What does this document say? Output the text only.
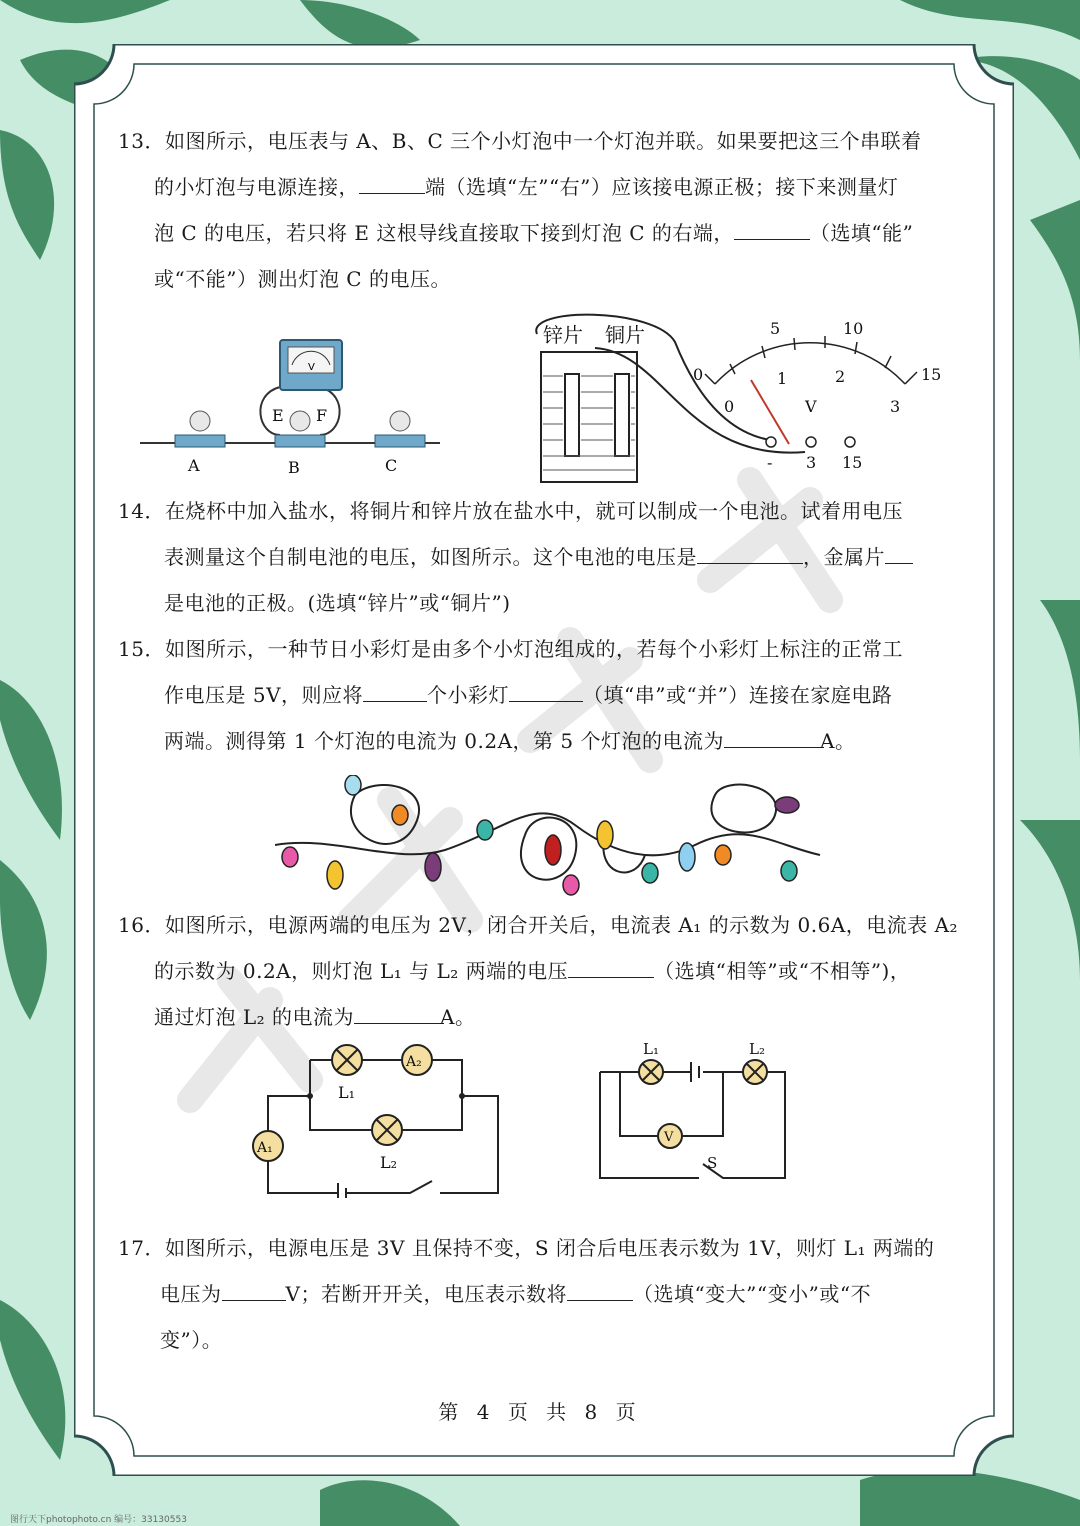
13．如图所示，电压表与 A、B、C 三个小灯泡中一个灯泡并联。如果要把这三个串联着

的小灯泡与电源连接，	端（选填“左”“右”）应该接电源正极；接下来测量灯

泡 C 的电压，若只将 E 这根导线直接取下接到灯泡 C 的右端，	（选填“能”

或“不能”）测出灯泡 C 的电压。

V
A	B	C
E F
锌片 铜片	5	10
15
0
0
1	2
3
V
- 3 15

14．在烧杯中加入盐水，将铜片和锌片放在盐水中，就可以制成一个电池。试着用电压

表测量这个自制电池的电压，如图所示。这个电池的电压是	，金属片

是电池的正极。(选填“锌片”或“铜片”)

15．如图所示，一种节日小彩灯是由多个小灯泡组成的，若每个小彩灯上标注的正常工

作电压是 5V，则应将	个小彩灯	（填“串”或“并”）连接在家庭电路

两端。测得第 1 个灯泡的电流为 0.2A，第 5 个灯泡的电流为	A。

16．如图所示，电源两端的电压为 2V，闭合开关后，电流表 A₁ 的示数为 0.6A，电流表 A₂

的示数为 0.2A，则灯泡 L₁ 与 L₂ 两端的电压	（选填“相等”或“不相等”)，

通过灯泡 L₂ 的电流为	A。

L₁
L₂
A₂
A₁
L₁	L₂
V
S

17．如图所示，电源电压是 3V 且保持不变，S 闭合后电压表示数为 1V，则灯 L₁ 两端的

电压为	V；若断开开关，电压表示数将	（选填“变大”“变小”或“不

变”）。

第 4 页 共 8 页
图行天下photophoto.cn 编号：33130553
